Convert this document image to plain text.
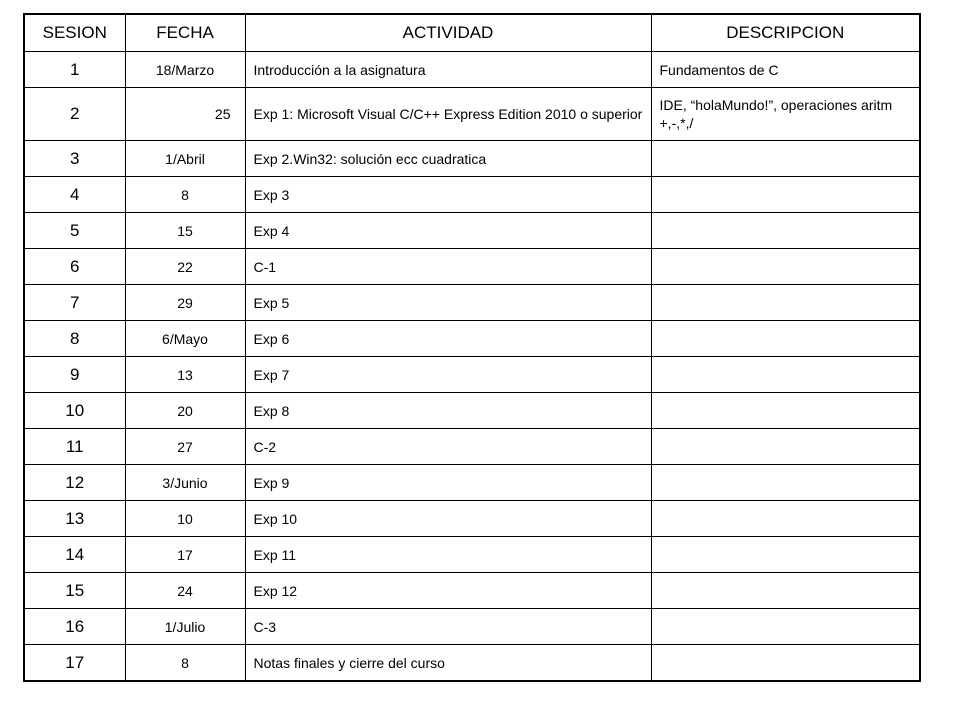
SESION	FECHA	ACTIVIDAD	DESCRIPCION
1	18/Marzo	Introducción a la asignatura	Fundamentos de C
2	25	Exp 1: Microsoft Visual C/C++ Express Edition 2010 o superior	IDE, “holaMundo!”, operaciones aritm +,-,*,/
3	1/Abril	Exp 2.Win32: solución ecc cuadratica	
4	8	Exp 3	
5	15	Exp 4	
6	22	C-1	
7	29	Exp 5	
8	6/Mayo	Exp 6	
9	13	Exp 7	
10	20	Exp 8	
11	27	C-2	
12	3/Junio	Exp 9	
13	10	Exp 10	
14	17	Exp 11	
15	24	Exp 12	
16	1/Julio	C-3	
17	8	Notas finales y cierre del curso	
